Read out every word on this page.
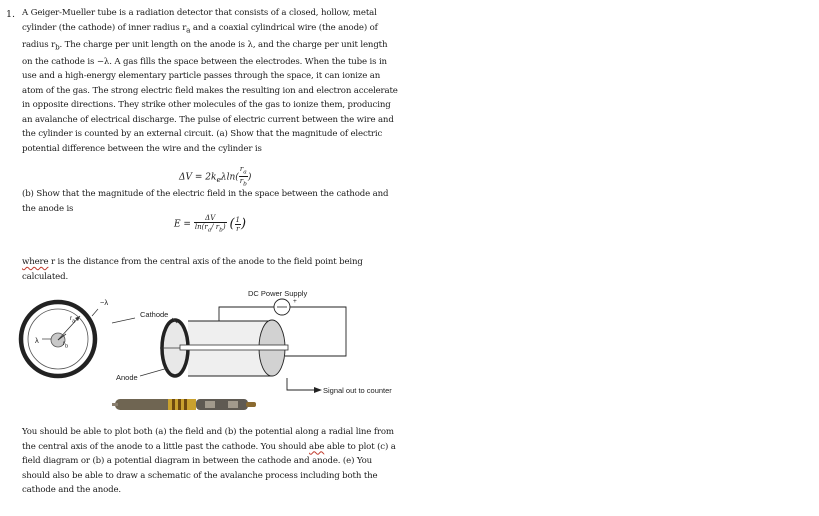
1. A Geiger-Mueller tube is a radiation detector that consists of a closed, hollow, metal
cylinder (the cathode) of inner radius $r_a$ and a coaxial cylindrical wire (the anode) of
radius $r_b$. The charge per unit length on the anode is λ, and the charge per unit length
on the cathode is −λ. A gas fills the space between the electrodes. When the tube is in
use and a high-energy elementary particle passes through the space, it can ionize an
atom of the gas. The strong electric field makes the resulting ion and electron accelerate
in opposite directions. They strike other molecules of the gas to ionize them, producing
an avalanche of electrical discharge. The pulse of electric current between the wire and
the cylinder is counted by an external circuit. (a) Show that the magnitude of electric
potential difference between the wire and the cylinder is
$\Delta V = 2k_e\lambda\ln( \frac{r_a}{r_b}$ )
(b) Show that the magnitude of the electric field in the space between the cathode and
the anode is
$E = \frac{\Delta V}{\ln(r_a/ r_b)}$ ( $\frac{1}{r}$ )
where r is the distance from the central axis of the anode to the field point being
calculated.
−λ
λ
$r_a$
$r_b$
Cathode
Anode
DC Power Supply
+
Signal out to counter
You should be able to plot both (a) the field and (b) the potential along a radial line from
the central axis of the anode to a little past the cathode. You should abe able to plot (c) a
field diagram or (b) a potential diagram in between the cathode and anode. (e) You
should also be able to draw a schematic of the avalanche process including both the
cathode and the anode.
